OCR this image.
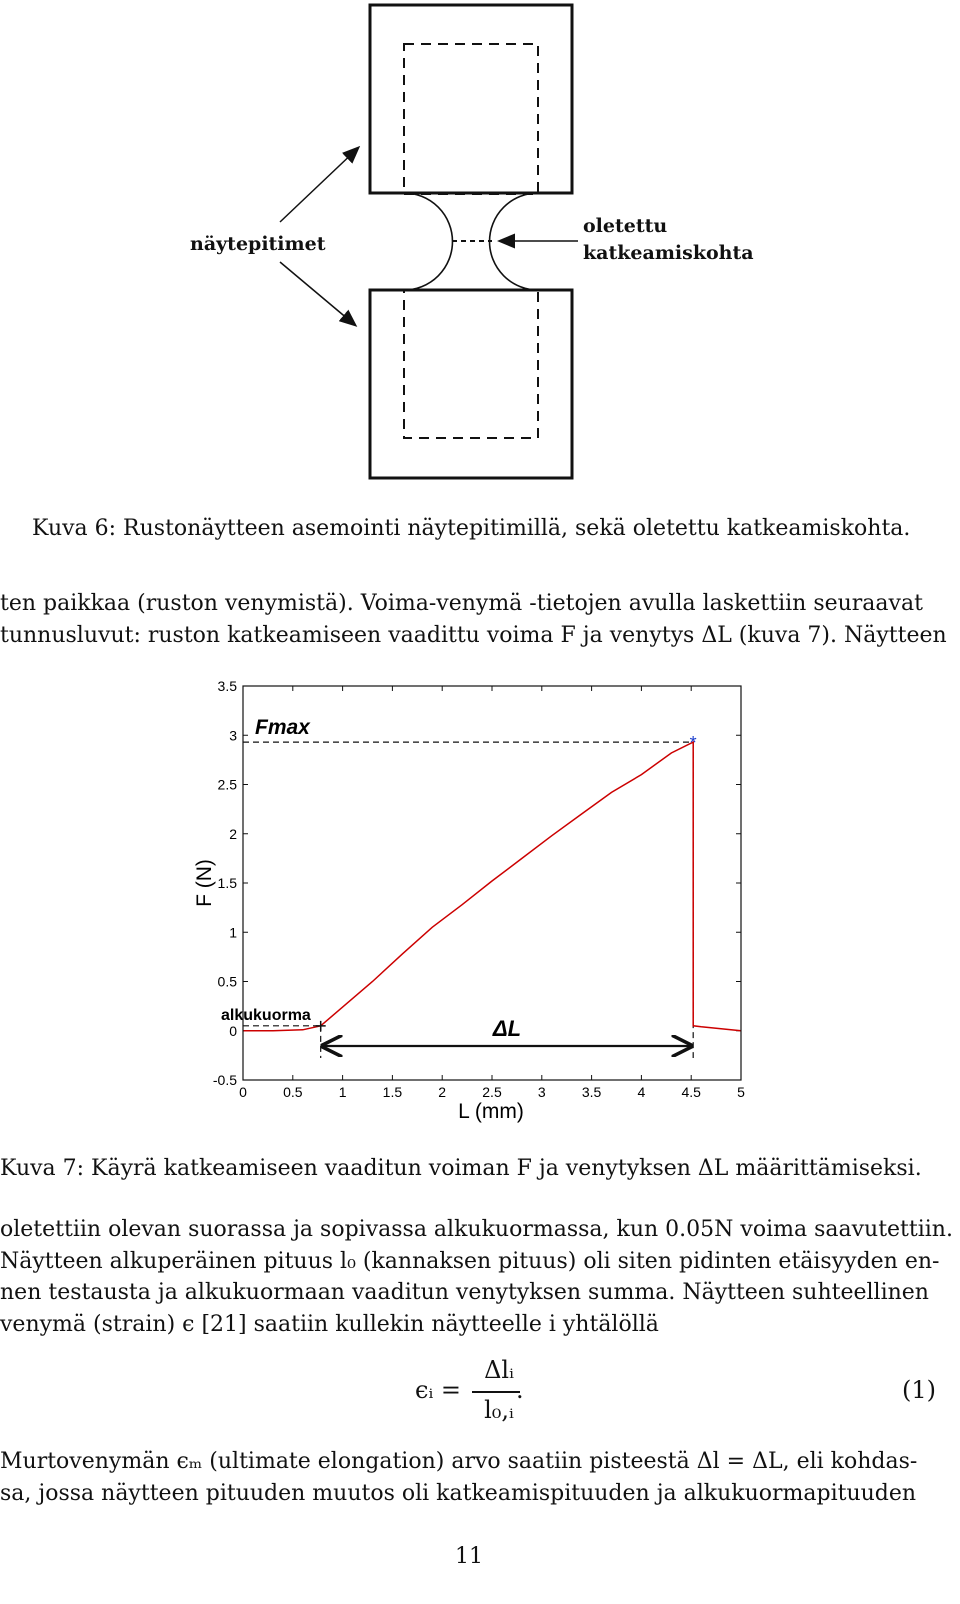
näytepitimet
oletettu
katkeamiskohta
Kuva 6: Rustonäytteen asemointi näytepitimillä, sekä oletettu katkeamiskohta.
ten paikkaa (ruston venymistä). Voima-venymä -tietojen avulla laskettiin seuraavat
tunnusluvut: ruston katkeamiseen vaadittu voima F ja venytys ΔL (kuva 7). Näytteen
0	0.5	1	1.5	2	2.5	3	3.5	4	4.5	5
-0.5
0
0.5
1
1.5
2
2.5
3
3.5
ΔL
Fmax
alkukuorma
*
L (mm)
F (N)
Kuva 7: Käyrä katkeamiseen vaaditun voiman F ja venytyksen ΔL määrittämiseksi.
oletettiin olevan suorassa ja sopivassa alkukuormassa, kun 0.05N voima saavutettiin.
Näytteen alkuperäinen pituus l₀ (kannaksen pituus) oli siten pidinten etäisyyden en-
nen testausta ja alkukuormaan vaaditun venytyksen summa. Näytteen suhteellinen
venymä (strain) ϵ [21] saatiin kullekin näytteelle i yhtälöllä
ϵᵢ =
Δlᵢ
l₀,ᵢ
.	(1)
Murtovenymän ϵₘ (ultimate elongation) arvo saatiin pisteestä Δl = ΔL, eli kohdas-
sa, jossa näytteen pituuden muutos oli katkeamispituuden ja alkukuormapituuden
11
